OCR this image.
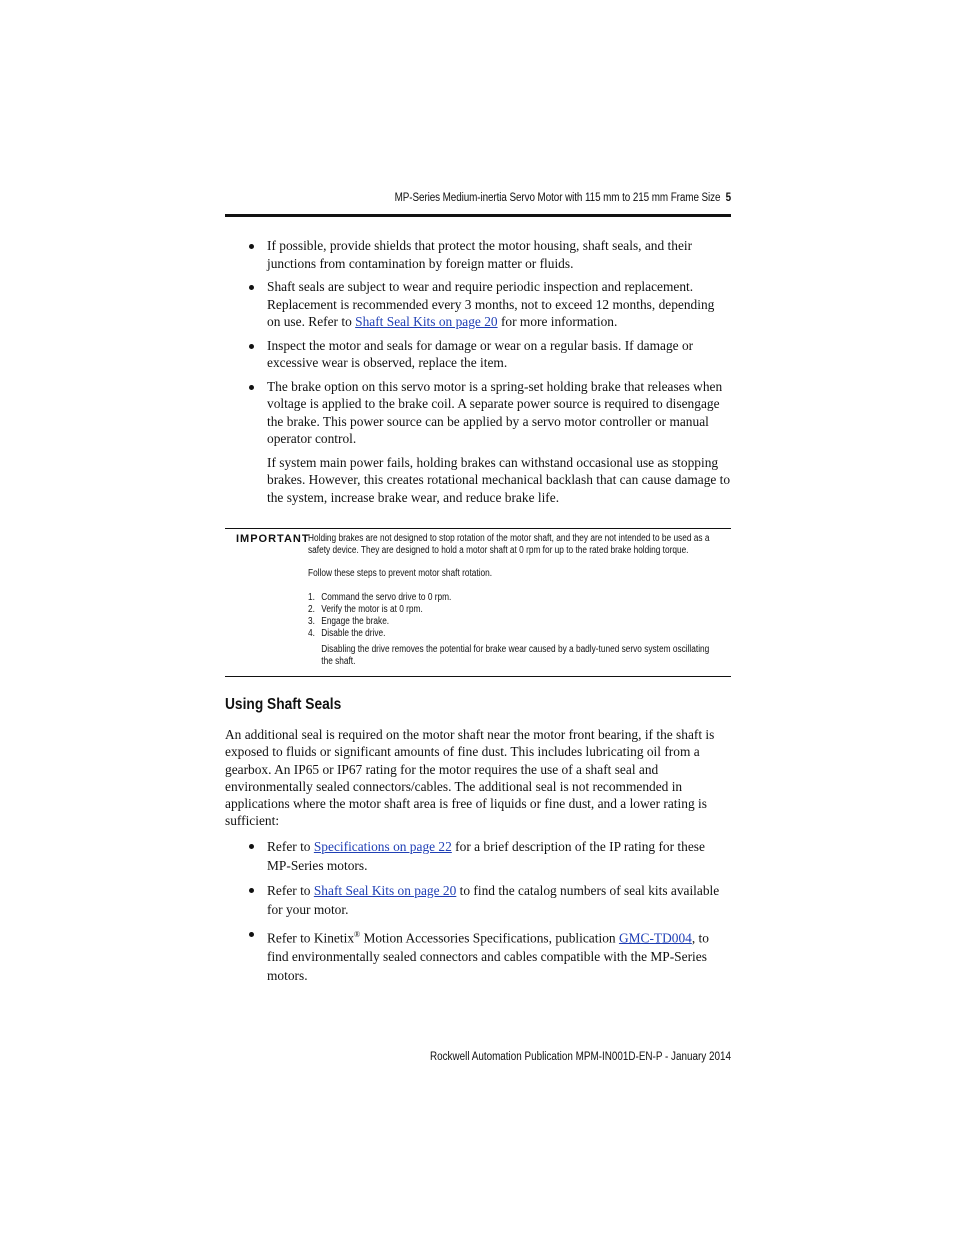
MP-Series Medium-inertia Servo Motor with 115 mm to 215 mm Frame Size 5

If possible, provide shields that protect the motor housing, shaft seals, and their junctions from contamination by foreign matter or fluids.

Shaft seals are subject to wear and require periodic inspection and replacement. Replacement is recommended every 3 months, not to exceed 12 months, depending on use. Refer to Shaft Seal Kits on page 20 for more information.

Inspect the motor and seals for damage or wear on a regular basis. If damage or excessive wear is observed, replace the item.

The brake option on this servo motor is a spring-set holding brake that releases when voltage is applied to the brake coil. A separate power source is required to disengage the brake. This power source can be applied by a servo motor controller or manual operator control.

If system main power fails, holding brakes can withstand occasional use as stopping brakes. However, this creates rotational mechanical backlash that can cause damage to the system, increase brake wear, and reduce brake life.

IMPORTANT

Holding brakes are not designed to stop rotation of the motor shaft, and they are not intended to be used as a safety device. They are designed to hold a motor shaft at 0 rpm for up to the rated brake holding torque.

Follow these steps to prevent motor shaft rotation.

1. Command the servo drive to 0 rpm.
2. Verify the motor is at 0 rpm.
3. Engage the brake.
4. Disable the drive.

Disabling the drive removes the potential for brake wear caused by a badly-tuned servo system oscillating the shaft.

Using Shaft Seals

An additional seal is required on the motor shaft near the motor front bearing, if the shaft is exposed to fluids or significant amounts of fine dust. This includes lubricating oil from a gearbox. An IP65 or IP67 rating for the motor requires the use of a shaft seal and environmentally sealed connectors/cables. The additional seal is not recommended in applications where the motor shaft area is free of liquids or fine dust, and a lower rating is sufficient:

Refer to Specifications on page 22 for a brief description of the IP rating for these MP-Series motors.

Refer to Shaft Seal Kits on page 20 to find the catalog numbers of seal kits available for your motor.

Refer to Kinetix® Motion Accessories Specifications, publication GMC-TD004, to find environmentally sealed connectors and cables compatible with the MP-Series motors.

Rockwell Automation Publication MPM-IN001D-EN-P - January 2014
